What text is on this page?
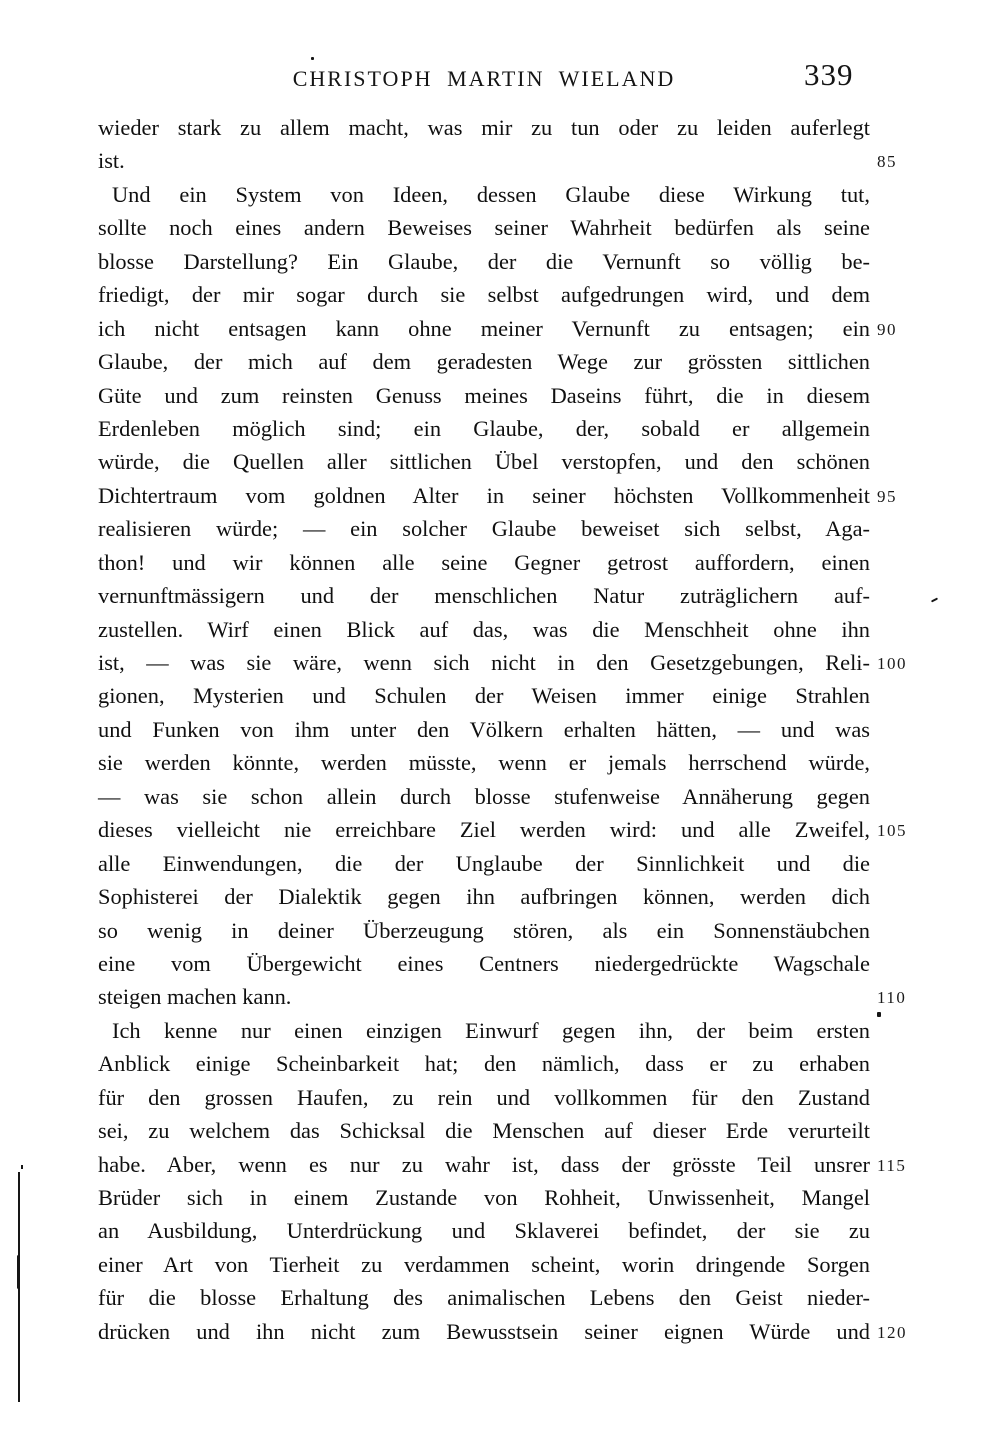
CHRISTOPH MARTIN WIELAND	339
wieder stark zu allem macht, was mir zu tun oder zu leiden auferlegt
ist.	85
Und ein System von Ideen, dessen Glaube diese Wirkung tut,
sollte noch eines andern Beweises seiner Wahrheit bedürfen als seine
blosse Darstellung? Ein Glaube, der die Vernunft so völlig be-
friedigt, der mir sogar durch sie selbst aufgedrungen wird, und dem
ich nicht entsagen kann ohne meiner Vernunft zu entsagen; ein 90
Glaube, der mich auf dem geradesten Wege zur grössten sittlichen
Güte und zum reinsten Genuss meines Daseins führt, die in diesem
Erdenleben möglich sind; ein Glaube, der, sobald er allgemein
würde, die Quellen aller sittlichen Übel verstopfen, und den schönen
Dichtertraum vom goldnen Alter in seiner höchsten Vollkommenheit 95
realisieren würde; — ein solcher Glaube beweiset sich selbst, Aga-
thon! und wir können alle seine Gegner getrost auffordern, einen
vernunftmässigern und der menschlichen Natur zuträglichern auf-
zustellen. Wirf einen Blick auf das, was die Menschheit ohne ihn
ist, — was sie wäre, wenn sich nicht in den Gesetzgebungen, Reli- 100
gionen, Mysterien und Schulen der Weisen immer einige Strahlen
und Funken von ihm unter den Völkern erhalten hätten, — und was
sie werden könnte, werden müsste, wenn er jemals herrschend würde,
— was sie schon allein durch blosse stufenweise Annäherung gegen
dieses vielleicht nie erreichbare Ziel werden wird: und alle Zweifel, 105
alle Einwendungen, die der Unglaube der Sinnlichkeit und die
Sophisterei der Dialektik gegen ihn aufbringen können, werden dich
so wenig in deiner Überzeugung stören, als ein Sonnenstäubchen
eine vom Übergewicht eines Centners niedergedrückte Wagschale
steigen machen kann.	110
Ich kenne nur einen einzigen Einwurf gegen ihn, der beim ersten
Anblick einige Scheinbarkeit hat; den nämlich, dass er zu erhaben
für den grossen Haufen, zu rein und vollkommen für den Zustand
sei, zu welchem das Schicksal die Menschen auf dieser Erde verurteilt
habe. Aber, wenn es nur zu wahr ist, dass der grösste Teil unsrer 115
Brüder sich in einem Zustande von Rohheit, Unwissenheit, Mangel
an Ausbildung, Unterdrückung und Sklaverei befindet, der sie zu
einer Art von Tierheit zu verdammen scheint, worin dringende Sorgen
für die blosse Erhaltung des animalischen Lebens den Geist nieder-
drücken und ihn nicht zum Bewusstsein seiner eignen Würde und 120
